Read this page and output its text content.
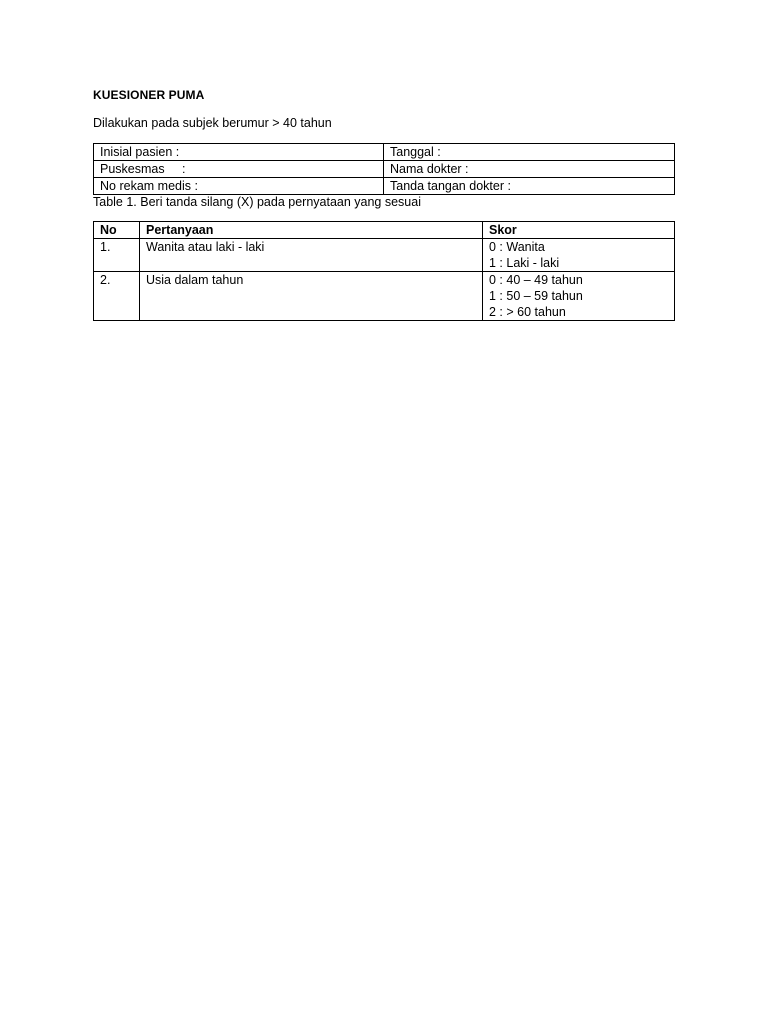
KUESIONER PUMA
Dilakukan pada subjek berumur > 40 tahun
Inisial pasien :	Tanggal :
Puskesmas     :	Nama dokter :
No rekam medis :	Tanda tangan dokter :
Table 1. Beri tanda silang (X) pada pernyataan yang sesuai
No	Pertanyaan	Skor
1.	Wanita atau laki - laki	0 : Wanita
1 : Laki - laki

2.	Usia dalam tahun	0 : 40 – 49 tahun
1 : 50 – 59 tahun
2 : > 60 tahun
